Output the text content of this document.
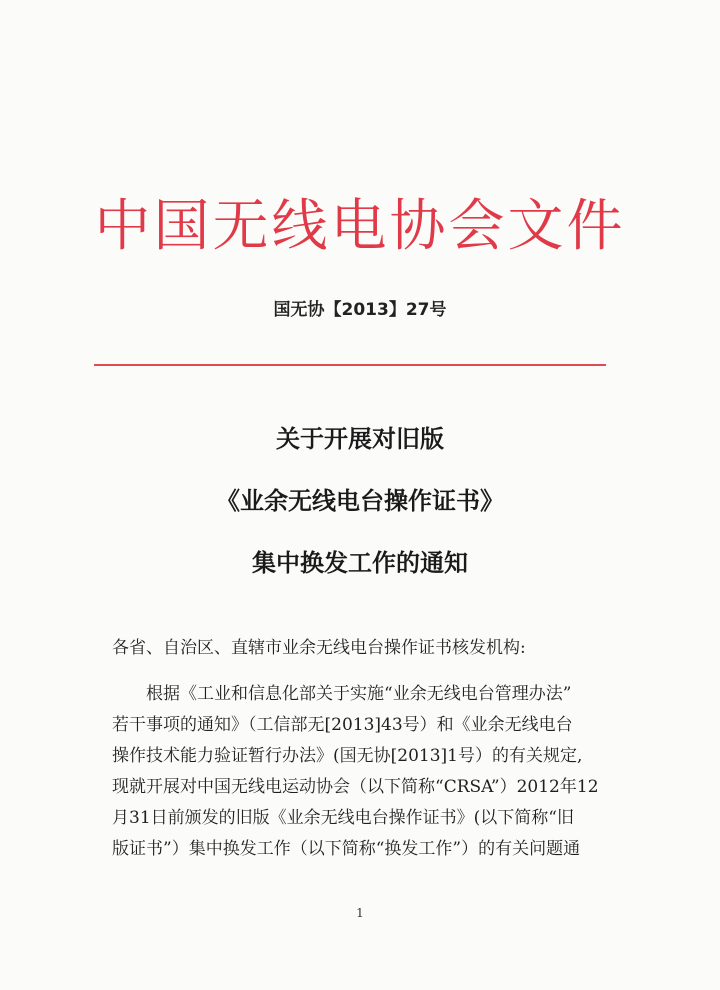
中国无线电协会文件
国无协【2013】27号
关于开展对旧版
《业余无线电台操作证书》
集中换发工作的通知
各省、自治区、直辖市业余无线电台操作证书核发机构:
根据《工业和信息化部关于实施“业余无线电台管理办法”
若干事项的通知》（工信部无[2013]43号）和《业余无线电台
操作技术能力验证暂行办法》(国无协[2013]1号）的有关规定,
现就开展对中国无线电运动协会（以下简称“CRSA”）2012年12
月31日前颁发的旧版《业余无线电台操作证书》(以下简称“旧
版证书”）集中换发工作（以下简称“换发工作”）的有关问题通
1
